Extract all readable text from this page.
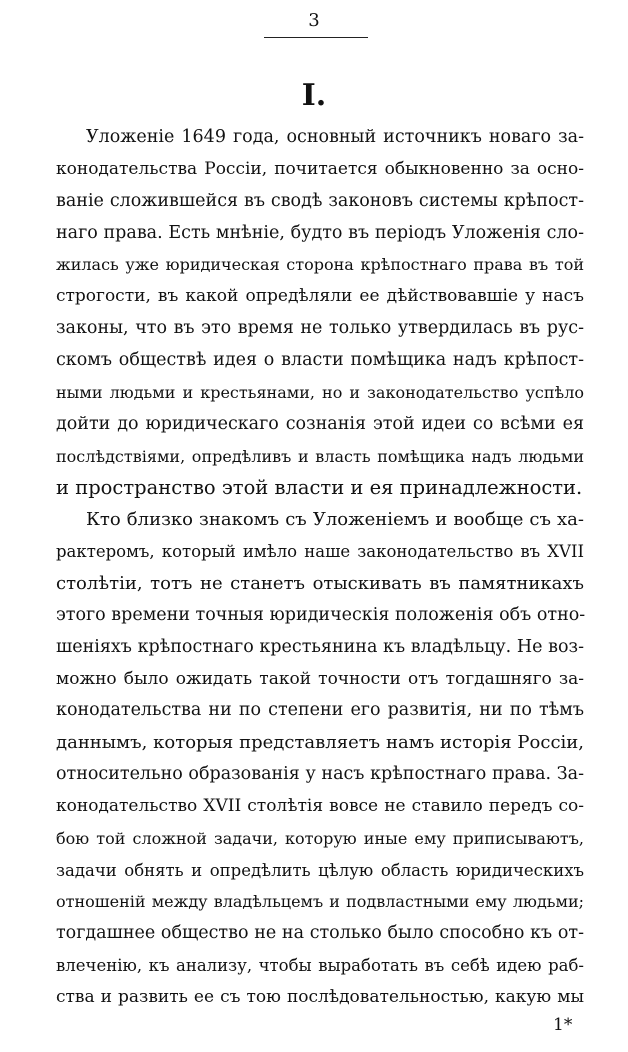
3
I.
Уложеніе 1649 года, основный источникъ новаго за-
конодательства Россіи, почитается обыкновенно за осно-
ваніе сложившейся въ сводѣ законовъ системы крѣпост-
наго права. Есть мнѣніе, будто въ періодъ Уложенія сло-
жилась уже юридическая сторона крѣпостнаго права въ той
строгости, въ какой опредѣляли ее дѣйствовавшіе у насъ
законы, что въ это время не только утвердилась въ рус-
скомъ обществѣ идея о власти помѣщика надъ крѣпост-
ными людьми и крестьянами, но и законодательство успѣло
дойти до юридическаго сознанія этой идеи со всѣми ея
послѣдствіями, опредѣливъ и власть помѣщика надъ людьми
и пространство этой власти и ея принадлежности.
Кто близко знакомъ съ Уложеніемъ и вообще съ ха-
рактеромъ, который имѣло наше законодательство въ XVII
столѣтіи, тотъ не станетъ отыскивать въ памятникахъ
этого времени точныя юридическія положенія объ отно-
шеніяхъ крѣпостнаго крестьянина къ владѣльцу. Не воз-
можно было ожидать такой точности отъ тогдашняго за-
конодательства ни по степени его развитія, ни по тѣмъ
даннымъ, которыя представляетъ намъ исторія Россіи,
относительно образованія у насъ крѣпостнаго права. За-
конодательство XVII столѣтія вовсе не ставило передъ со-
бою той сложной задачи, которую иные ему приписываютъ,
задачи обнять и опредѣлить цѣлую область юридическихъ
отношеній между владѣльцемъ и подвластными ему людьми;
тогдашнее общество не на столько было способно къ от-
влеченію, къ анализу, чтобы выработать въ себѣ идею раб-
ства и развить ее съ тою послѣдовательностью, какую мы
1*
